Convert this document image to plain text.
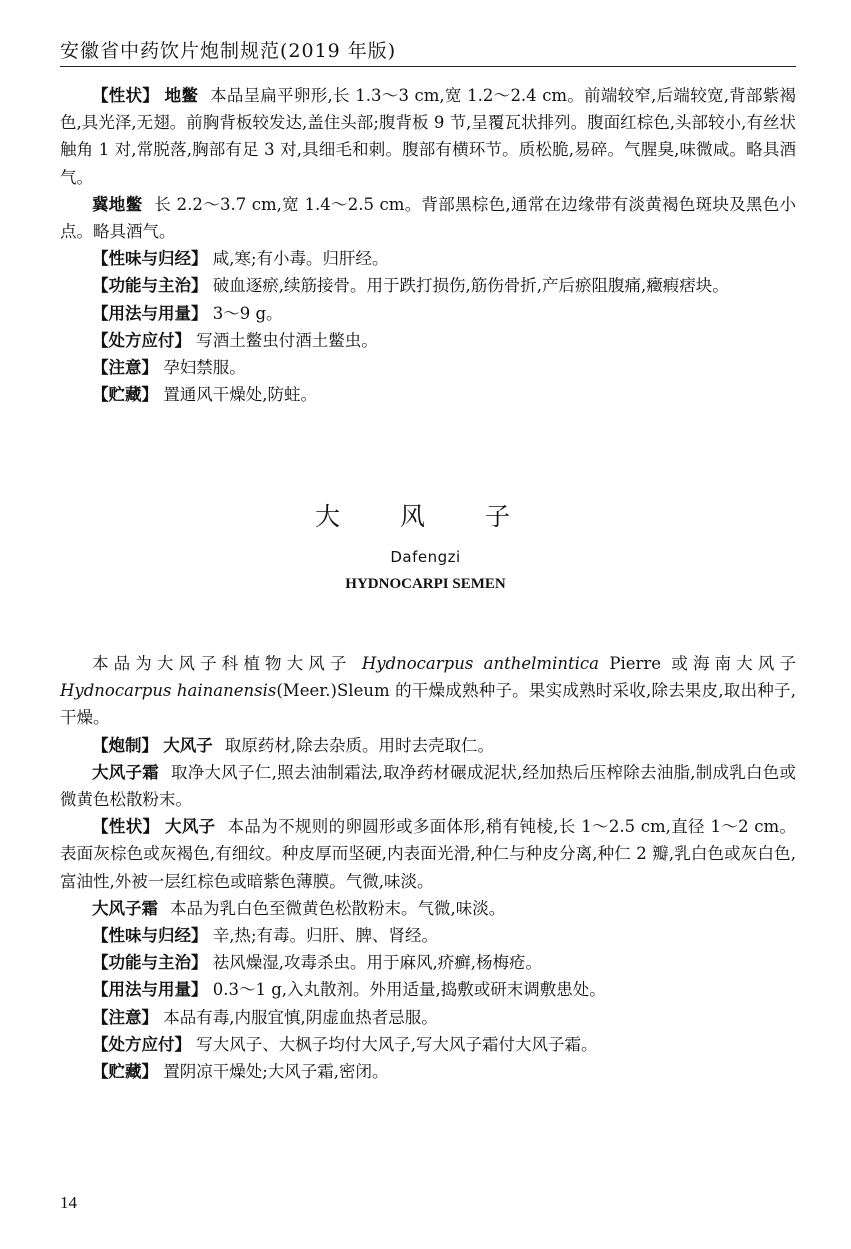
安徽省中药饮片炮制规范(2019 年版)

【性状】 地鳖 本品呈扁平卵形,长 1.3～3 cm,宽 1.2～2.4 cm。前端较窄,后端较宽,背部紫褐色,具光泽,无翅。前胸背板较发达,盖住头部;腹背板 9 节,呈覆瓦状排列。腹面红棕色,头部较小,有丝状触角 1 对,常脱落,胸部有足 3 对,具细毛和刺。腹部有横环节。质松脆,易碎。气腥臭,味微咸。略具酒气。

冀地鳖 长 2.2～3.7 cm,宽 1.4～2.5 cm。背部黑棕色,通常在边缘带有淡黄褐色斑块及黑色小点。略具酒气。

【性味与归经】 咸,寒;有小毒。归肝经。

【功能与主治】 破血逐瘀,续筋接骨。用于跌打损伤,筋伤骨折,产后瘀阻腹痛,癥瘕痞块。

【用法与用量】 3～9 g。

【处方应付】 写酒土鳖虫付酒土鳖虫。

【注意】 孕妇禁服。

【贮藏】 置通风干燥处,防蛀。

大 风 子
Dafengzi
HYDNOCARPI SEMEN

本品为大风子科植物大风子 Hydnocarpus anthelmintica Pierre 或海南大风子 Hydnocarpus hainanensis(Meer.)Sleum 的干燥成熟种子。果实成熟时采收,除去果皮,取出种子,干燥。

【炮制】 大风子 取原药材,除去杂质。用时去壳取仁。

大风子霜 取净大风子仁,照去油制霜法,取净药材碾成泥状,经加热后压榨除去油脂,制成乳白色或微黄色松散粉末。

【性状】 大风子 本品为不规则的卵圆形或多面体形,稍有钝棱,长 1～2.5 cm,直径 1～2 cm。表面灰棕色或灰褐色,有细纹。种皮厚而坚硬,内表面光滑,种仁与种皮分离,种仁 2 瓣,乳白色或灰白色,富油性,外被一层红棕色或暗紫色薄膜。气微,味淡。

大风子霜 本品为乳白色至微黄色松散粉末。气微,味淡。

【性味与归经】 辛,热;有毒。归肝、脾、肾经。

【功能与主治】 祛风燥湿,攻毒杀虫。用于麻风,疥癣,杨梅疮。

【用法与用量】 0.3～1 g,入丸散剂。外用适量,捣敷或研末调敷患处。

【注意】 本品有毒,内服宜慎,阴虚血热者忌服。

【处方应付】 写大风子、大枫子均付大风子,写大风子霜付大风子霜。

【贮藏】 置阴凉干燥处;大风子霜,密闭。

14
